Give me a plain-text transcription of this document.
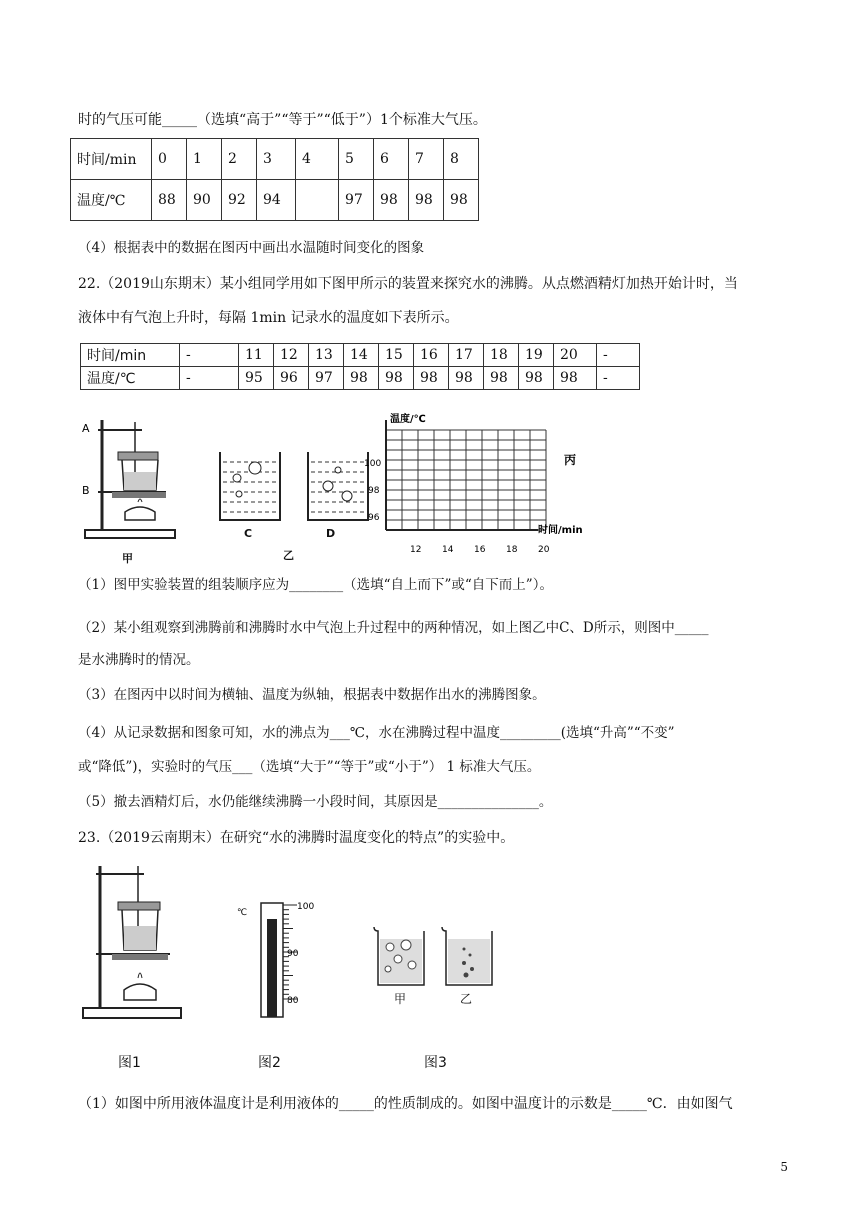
时的气压可能_____（选填“高于”“等于”“低于”）1个标准大气压。
时间/min	0	1	2	3	4	5	6	7	8
温度/℃	88	90	92	94		97	98	98	98
（4）根据表中的数据在图丙中画出水温随时间变化的图象
22.（2019山东期末）某小组同学用如下图甲所示的装置来探究水的沸腾。从点燃酒精灯加热开始计时，当
液体中有气泡上升时，每隔 1min 记录水的温度如下表所示。
时间/min	-	11	12	13	14	15	16	17	18	19	20	-
温度/℃	-	95	96	97	98	98	98	98	98	98	98	-
A
B
甲
C	D
乙
温度/℃
时间/min
丙
100
98
96
12 14 16 18 20
（1）图甲实验装置的组装顺序应为________（选填“自上而下”或“自下而上”）。
（2）某小组观察到沸腾前和沸腾时水中气泡上升过程中的两种情况，如上图乙中C、D所示，则图中_____
是水沸腾时的情况。
（3）在图丙中以时间为横轴、温度为纵轴，根据表中数据作出水的沸腾图象。
（4）从记录数据和图象可知，水的沸点为___℃，水在沸腾过程中温度_________(选填“升高”“不变”
或“降低”)，实验时的气压___（选填“大于”“等于”或“小于”） 1 标准大气压。
（5）撤去酒精灯后，水仍能继续沸腾一小段时间，其原因是_______________。
23.（2019云南期末）在研究“水的沸腾时温度变化的特点”的实验中。
图1
℃
100
90
80
图2
甲	乙
图3
（1）如图中所用液体温度计是利用液体的_____的性质制成的。如图中温度计的示数是_____℃．由如图气
5
